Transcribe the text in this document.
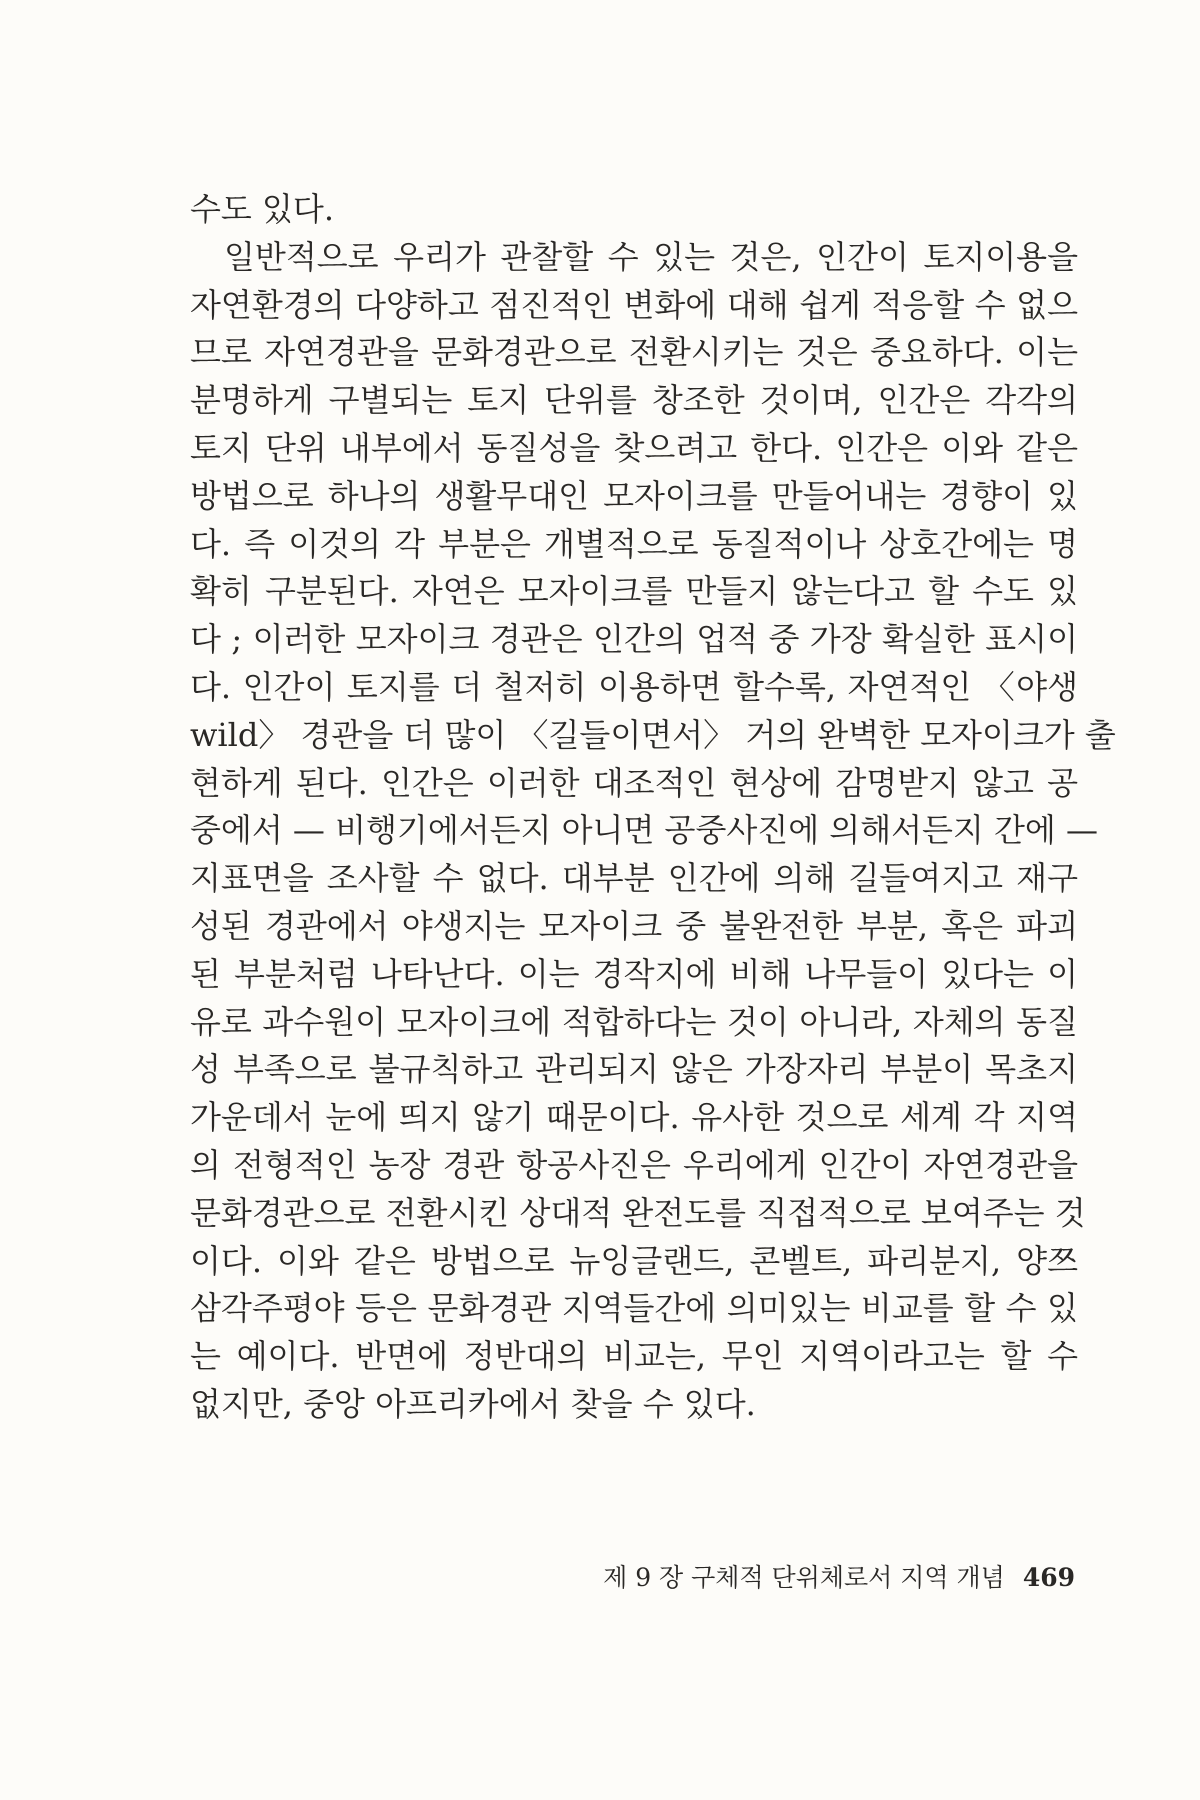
수도 있다.
일반적으로 우리가 관찰할 수 있는 것은, 인간이 토지이용을
자연환경의 다양하고 점진적인 변화에 대해 쉽게 적응할 수 없으
므로 자연경관을 문화경관으로 전환시키는 것은 중요하다. 이는
분명하게 구별되는 토지 단위를 창조한 것이며, 인간은 각각의
토지 단위 내부에서 동질성을 찾으려고 한다. 인간은 이와 같은
방법으로 하나의 생활무대인 모자이크를 만들어내는 경향이 있
다. 즉 이것의 각 부분은 개별적으로 동질적이나 상호간에는 명
확히 구분된다. 자연은 모자이크를 만들지 않는다고 할 수도 있
다 ; 이러한 모자이크 경관은 인간의 업적 중 가장 확실한 표시이
다. 인간이 토지를 더 철저히 이용하면 할수록, 자연적인 〈야생
wild〉 경관을 더 많이 〈길들이면서〉 거의 완벽한 모자이크가 출
현하게 된다. 인간은 이러한 대조적인 현상에 감명받지 않고 공
중에서 — 비행기에서든지 아니면 공중사진에 의해서든지 간에 —
지표면을 조사할 수 없다. 대부분 인간에 의해 길들여지고 재구
성된 경관에서 야생지는 모자이크 중 불완전한 부분, 혹은 파괴
된 부분처럼 나타난다. 이는 경작지에 비해 나무들이 있다는 이
유로 과수원이 모자이크에 적합하다는 것이 아니라, 자체의 동질
성 부족으로 불규칙하고 관리되지 않은 가장자리 부분이 목초지
가운데서 눈에 띄지 않기 때문이다. 유사한 것으로 세계 각 지역
의 전형적인 농장 경관 항공사진은 우리에게 인간이 자연경관을
문화경관으로 전환시킨 상대적 완전도를 직접적으로 보여주는 것
이다. 이와 같은 방법으로 뉴잉글랜드, 콘벨트, 파리분지, 양쯔
삼각주평야 등은 문화경관 지역들간에 의미있는 비교를 할 수 있
는 예이다. 반면에 정반대의 비교는, 무인 지역이라고는 할 수
없지만, 중앙 아프리카에서 찾을 수 있다.
제 9 장 구체적 단위체로서 지역 개념 469
